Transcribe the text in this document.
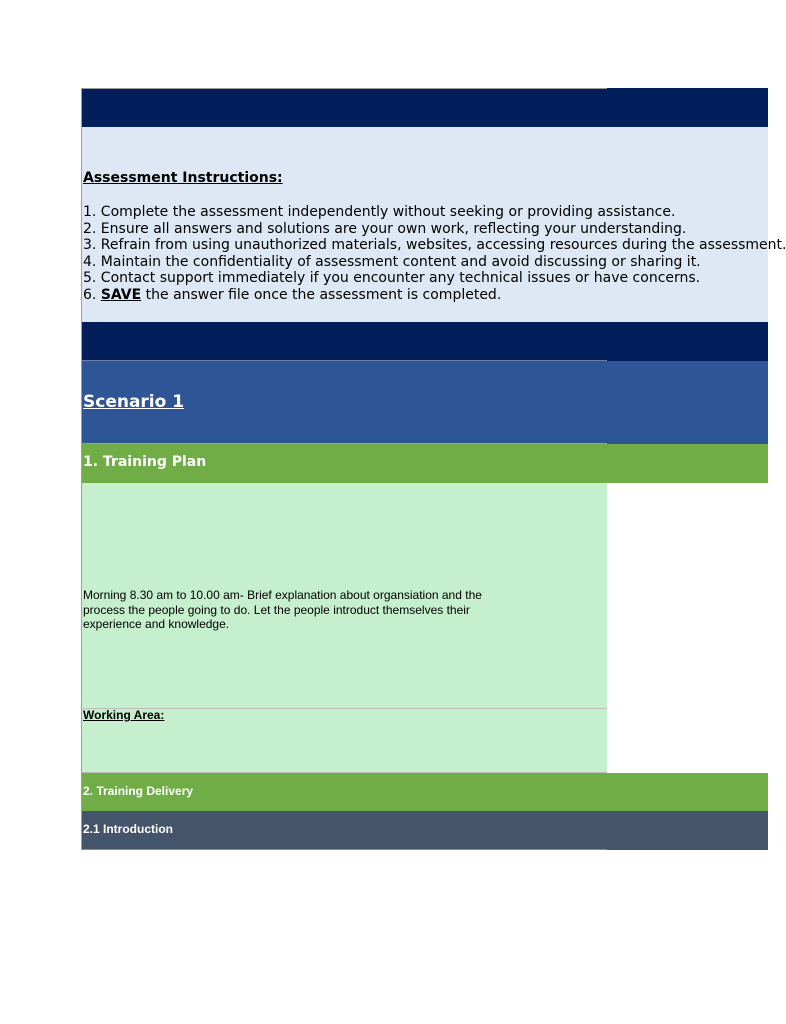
Assessment Instructions:
1. Complete the assessment independently without seeking or providing assistance.
2. Ensure all answers and solutions are your own work, reflecting your understanding.
3. Refrain from using unauthorized materials, websites, accessing resources during the assessment.
4. Maintain the confidentiality of assessment content and avoid discussing or sharing it.
5. Contact support immediately if you encounter any technical issues or have concerns.
6. SAVE the answer file once the assessment is completed.
Scenario 1
1. Training Plan
Morning 8.30 am to 10.00 am- Brief explanation about organsiation and the process the people going to do. Let the people introduct themselves their experience and knowledge.
Working Area:
2. Training Delivery
2.1 Introduction
